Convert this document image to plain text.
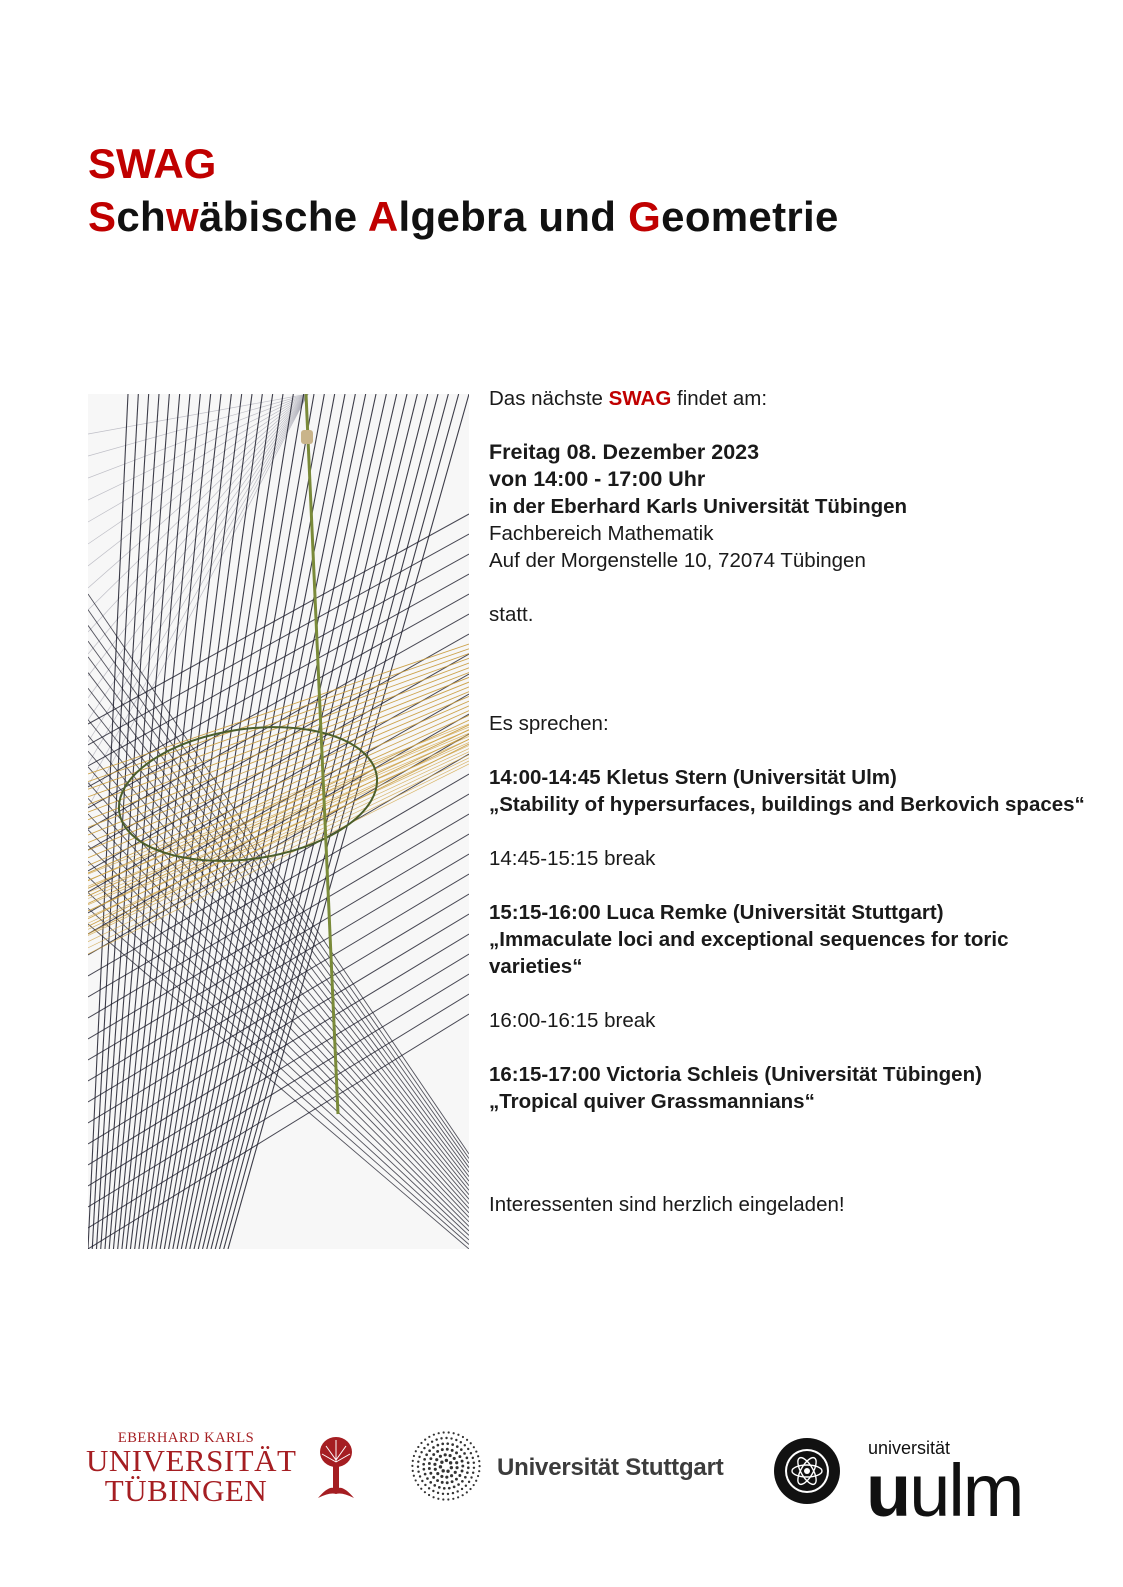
SWAG
Schwäbische Algebra und Geometrie

Das nächste SWAG findet am:

Freitag 08. Dezember 2023

von 14:00 - 17:00 Uhr

in der Eberhard Karls Universität Tübingen

Fachbereich Mathematik

Auf der Morgenstelle 10, 72074 Tübingen

statt.

Es sprechen:

14:00-14:45 Kletus Stern (Universität Ulm)

„Stability of hypersurfaces, buildings and Berkovich spaces“

14:45-15:15 break

15:15-16:00 Luca Remke (Universität Stuttgart)

„Immaculate loci and exceptional sequences for toric varieties“

16:00-16:15 break

16:15-17:00 Victoria Schleis (Universität Tübingen)

„Tropical quiver Grassmannians“

Interessenten sind herzlich eingeladen!

EBERHARD KARLS
UNIVERSITÄT
TÜBINGEN
Universität Stuttgart
universität
uulm
